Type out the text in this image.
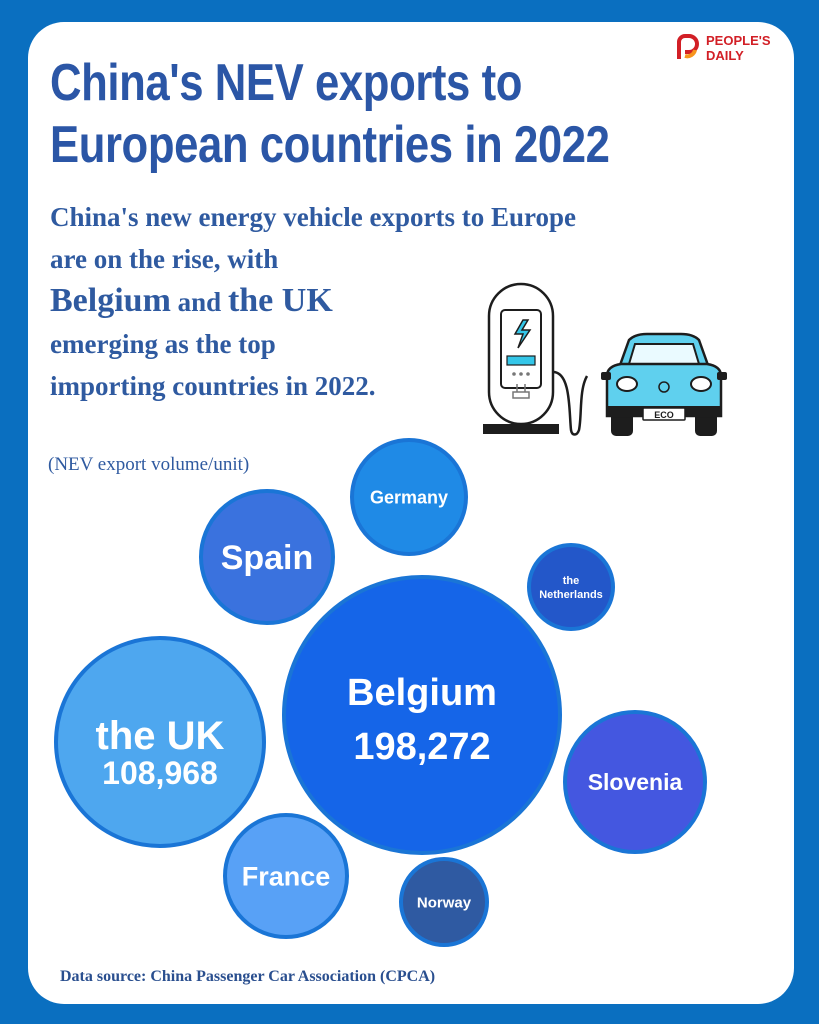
PEOPLE'S
DAILY
China's NEV exports to European countries in 2022
China's new energy vehicle exports to Europe
are on the rise, with
Belgium and the UK
emerging as the top
importing countries in 2022.
ECO
(NEV export volume/unit)
Belgium
198,272
the UK
108,968
Spain
Germany
the
Netherlands
Slovenia
France
Norway
Data source: China Passenger Car Association (CPCA)
